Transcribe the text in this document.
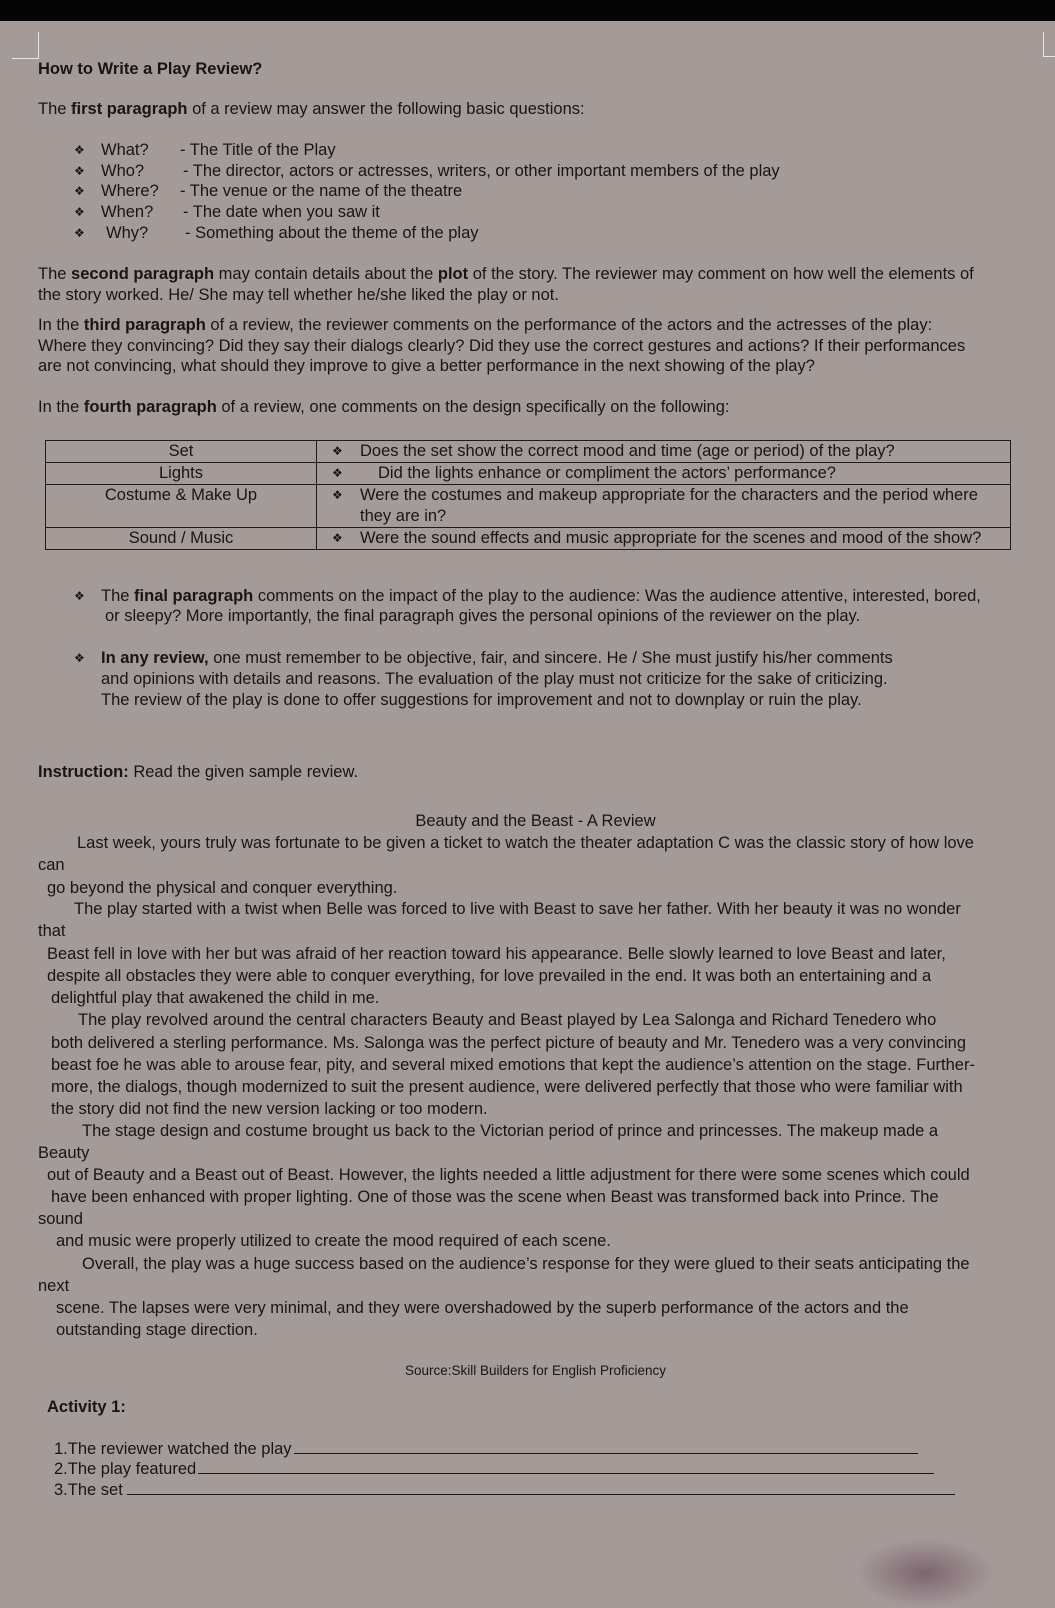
How to Write a Play Review?
The first paragraph of a review may answer the following basic questions:
❖ What? - The Title of the Play
❖ Who? - The director, actors or actresses, writers, or other important members of the play
❖ Where? - The venue or the name of the theatre
❖ When? - The date when you saw it
❖ Why? - Something about the theme of the play
The second paragraph may contain details about the plot of the story. The reviewer may comment on how well the elements of
the story worked. He/ She may tell whether he/she liked the play or not.
In the third paragraph of a review, the reviewer comments on the performance of the actors and the actresses of the play:
Where they convincing? Did they say their dialogs clearly? Did they use the correct gestures and actions? If their performances
are not convincing, what should they improve to give a better performance in the next showing of the play?
In the fourth paragraph of a review, one comments on the design specifically on the following:
Set	❖ Does the set show the correct mood and time (age or period) of the play?
Lights	❖ Did the lights enhance or compliment the actors’ performance?
Costume & Make Up	❖ Were the costumes and makeup appropriate for the characters and the period where they are in?
Sound / Music	❖ Were the sound effects and music appropriate for the scenes and mood of the show?
❖ The final paragraph comments on the impact of the play to the audience: Was the audience attentive, interested, bored,
or sleepy? More importantly, the final paragraph gives the personal opinions of the reviewer on the play.
❖ In any review, one must remember to be objective, fair, and sincere. He / She must justify his/her comments
and opinions with details and reasons. The evaluation of the play must not criticize for the sake of criticizing.
The review of the play is done to offer suggestions for improvement and not to downplay or ruin the play.
Instruction: Read the given sample review.
Beauty and the Beast - A Review
Last week, yours truly was fortunate to be given a ticket to watch the theater adaptation C was the classic story of how love
can
go beyond the physical and conquer everything.
The play started with a twist when Belle was forced to live with Beast to save her father. With her beauty it was no wonder
that
Beast fell in love with her but was afraid of her reaction toward his appearance. Belle slowly learned to love Beast and later,
despite all obstacles they were able to conquer everything, for love prevailed in the end. It was both an entertaining and a
delightful play that awakened the child in me.
The play revolved around the central characters Beauty and Beast played by Lea Salonga and Richard Tenedero who
both delivered a sterling performance. Ms. Salonga was the perfect picture of beauty and Mr. Tenedero was a very convincing
beast foe he was able to arouse fear, pity, and several mixed emotions that kept the audience’s attention on the stage. Further-
more, the dialogs, though modernized to suit the present audience, were delivered perfectly that those who were familiar with
the story did not find the new version lacking or too modern.
The stage design and costume brought us back to the Victorian period of prince and princesses. The makeup made a
Beauty
out of Beauty and a Beast out of Beast. However, the lights needed a little adjustment for there were some scenes which could
have been enhanced with proper lighting. One of those was the scene when Beast was transformed back into Prince. The
sound
and music were properly utilized to create the mood required of each scene.
Overall, the play was a huge success based on the audience’s response for they were glued to their seats anticipating the
next
scene. The lapses were very minimal, and they were overshadowed by the superb performance of the actors and the
outstanding stage direction.
Source:Skill Builders for English Proficiency
Activity 1:
1.The reviewer watched the play
2.The play featured
3.The set
